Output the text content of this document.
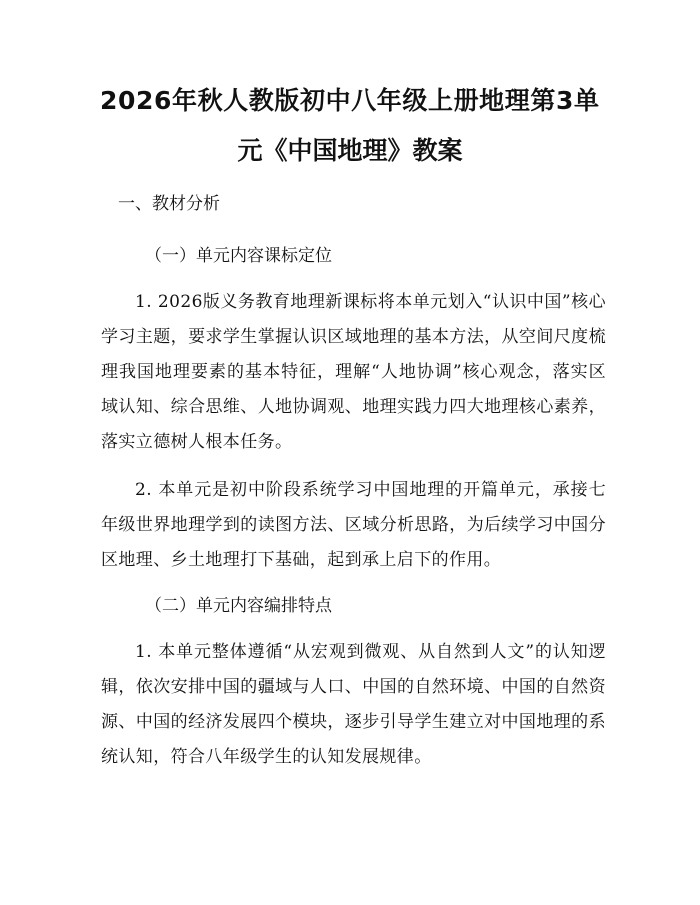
2026年秋人教版初中八年级上册地理第3单
元《中国地理》教案
一、教材分析
（一）单元内容课标定位
1. 2026版义务教育地理新课标将本单元划入“认识中国”核心学习主题，要求学生掌握认识区域地理的基本方法，从空间尺度梳理我国地理要素的基本特征，理解“人地协调”核心观念，落实区域认知、综合思维、人地协调观、地理实践力四大地理核心素养，落实立德树人根本任务。
2. 本单元是初中阶段系统学习中国地理的开篇单元，承接七年级世界地理学到的读图方法、区域分析思路，为后续学习中国分区地理、乡土地理打下基础，起到承上启下的作用。
（二）单元内容编排特点
1. 本单元整体遵循“从宏观到微观、从自然到人文”的认知逻辑，依次安排中国的疆域与人口、中国的自然环境、中国的自然资源、中国的经济发展四个模块，逐步引导学生建立对中国地理的系统认知，符合八年级学生的认知发展规律。
